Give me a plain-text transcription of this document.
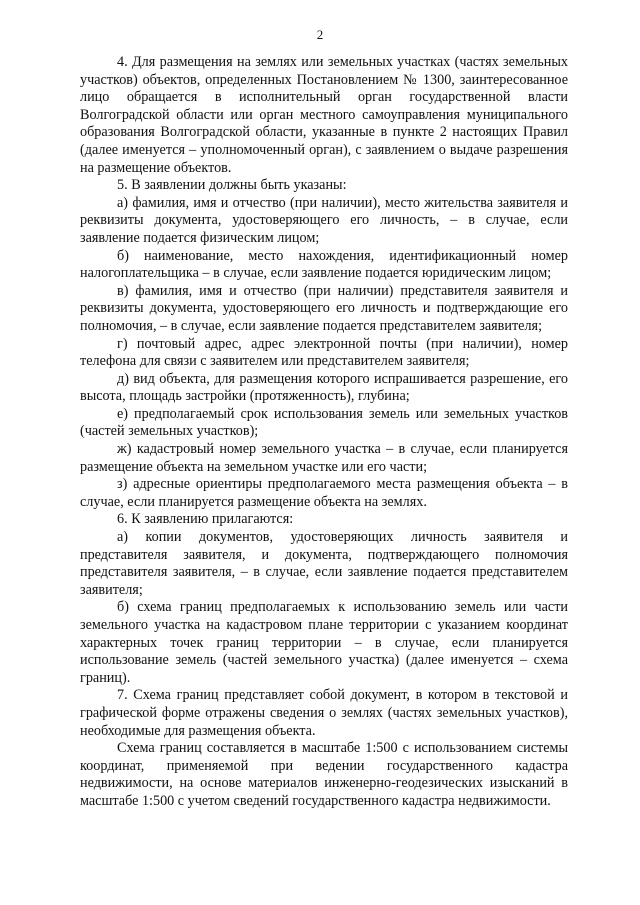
2

4. Для размещения на землях или земельных участках (частях земельных участков) объектов, определенных Постановлением № 1300, заинтересованное лицо обращается в исполнительный орган государственной власти Волгоградской области или орган местного самоуправления муниципального образования Волгоградской области, указанные в пункте 2 настоящих Правил (далее именуется – уполномоченный орган), с заявлением о выдаче разрешения на размещение объектов.

5. В заявлении должны быть указаны:

а) фамилия, имя и отчество (при наличии), место жительства заявителя и реквизиты документа, удостоверяющего его личность, – в случае, если заявление подается физическим лицом;

б) наименование, место нахождения, идентификационный номер налогоплательщика – в случае, если заявление подается юридическим лицом;

в) фамилия, имя и отчество (при наличии) представителя заявителя и реквизиты документа, удостоверяющего его личность и подтверждающие его полномочия, – в случае, если заявление подается представителем заявителя;

г) почтовый адрес, адрес электронной почты (при наличии), номер телефона для связи с заявителем или представителем заявителя;

д) вид объекта, для размещения которого испрашивается разрешение, его высота, площадь застройки (протяженность), глубина;

е) предполагаемый срок использования земель или земельных участков (частей земельных участков);

ж) кадастровый номер земельного участка – в случае, если планируется размещение объекта на земельном участке или его части;

з) адресные ориентиры предполагаемого места размещения объекта – в случае, если планируется размещение объекта на землях.

6. К заявлению прилагаются:

а) копии документов, удостоверяющих личность заявителя и представителя заявителя, и документа, подтверждающего полномочия представителя заявителя, – в случае, если заявление подается представителем заявителя;

б) схема границ предполагаемых к использованию земель или части земельного участка на кадастровом плане территории с указанием координат характерных точек границ территории – в случае, если планируется использование земель (частей земельного участка) (далее именуется – схема границ).

7. Схема границ представляет собой документ, в котором в текстовой и графической форме отражены сведения о землях (частях земельных участков), необходимые для размещения объекта.

Схема границ составляется в масштабе 1:500 с использованием системы координат, применяемой при ведении государственного кадастра недвижимости, на основе материалов инженерно-геодезических изысканий в масштабе 1:500 с учетом сведений государственного кадастра недвижимости.
